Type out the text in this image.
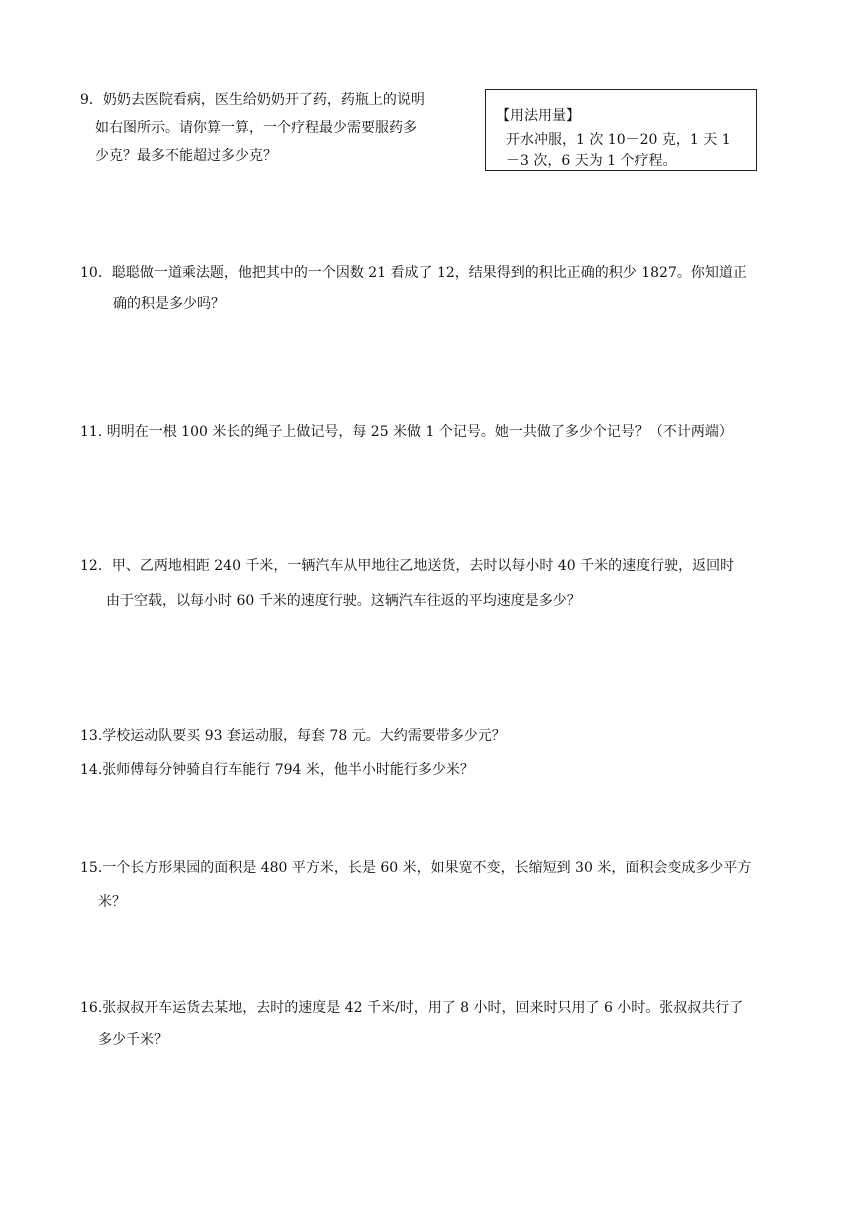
9．奶奶去医院看病，医生给奶奶开了药，药瓶上的说明
如右图所示。请你算一算，一个疗程最少需要服药多
少克？最多不能超过多少克？
【用法用量】
开水冲服，1 次 10－20 克，1 天 1
－3 次，6 天为 1 个疗程。
10．聪聪做一道乘法题，他把其中的一个因数 21 看成了 12，结果得到的积比正确的积少 1827。你知道正
确的积是多少吗？
11. 明明在一根 100 米长的绳子上做记号，每 25 米做 1 个记号。她一共做了多少个记号？（不计两端）
12．甲、乙两地相距 240 千米，一辆汽车从甲地往乙地送货，去时以每小时 40 千米的速度行驶，返回时
由于空载，以每小时 60 千米的速度行驶。这辆汽车往返的平均速度是多少？
13.学校运动队要买 93 套运动服，每套 78 元。大约需要带多少元？
14.张师傅每分钟骑自行车能行 794 米，他半小时能行多少米？
15.一个长方形果园的面积是 480 平方米，长是 60 米，如果宽不变，长缩短到 30 米，面积会变成多少平方
米？
16.张叔叔开车运货去某地，去时的速度是 42 千米/时，用了 8 小时，回来时只用了 6 小时。张叔叔共行了
多少千米？
